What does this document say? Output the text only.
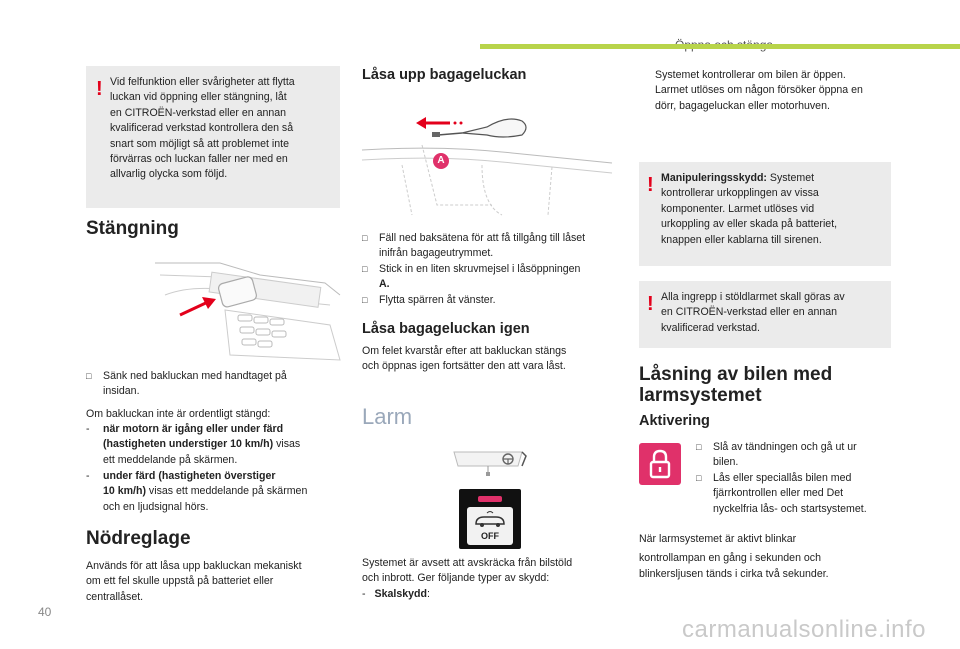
! Vid felfunktion eller svårigheter att flytta
luckan vid öppning eller stängning, låt
en CITROËN-verkstad eller en annan
kvalificerad verkstad kontrollera den så
snart som möjligt så att problemet inte
förvärras och luckan faller ner med en
allvarlig olycka som följd.
Stängning
□ Sänk ned bakluckan med handtaget på
insidan.
Om bakluckan inte är ordentligt stängd:
- när motorn är igång eller under färd
(hastigheten understiger 10 km/h) visas
ett meddelande på skärmen.
- under färd (hastigheten överstiger
10 km/h) visas ett meddelande på skärmen
och en ljudsignal hörs.
Nödreglage
Används för att låsa upp bakluckan mekaniskt
om ett fel skulle uppstå på batteriet eller
centrallåset.
Låsa upp bagageluckan
A
□ Fäll ned baksätena för att få tillgång till låset
inifrån bagageutrymmet.
□ Stick in en liten skruvmejsel i låsöppningen
A.
□ Flytta spärren åt vänster.
Låsa bagageluckan igen
Om felet kvarstår efter att bakluckan stängs
och öppnas igen fortsätter den att vara låst.
Larm
OFF
Systemet är avsett att avskräcka från bilstöld
och inbrott. Ger följande typer av skydd:
- Skalskydd:
Systemet kontrollerar om bilen är öppen.
Larmet utlöses om någon försöker öppna en
dörr, bagageluckan eller motorhuven.
! Manipuleringsskydd: Systemet
kontrollerar urkopplingen av vissa
komponenter. Larmet utlöses vid
urkoppling av eller skada på batteriet,
knappen eller kablarna till sirenen.
! Alla ingrepp i stöldlarmet skall göras av
en CITROËN-verkstad eller en annan
kvalificerad verkstad.
Låsning av bilen med
larmsystemet
Aktivering
□ Slå av tändningen och gå ut ur
bilen.
□ Lås eller speciallås bilen med
fjärrkontrollen eller med Det
nyckelfria lås- och startsystemet.
När larmsystemet är aktivt blinkar
kontrollampan en gång i sekunden och
blinkersljusen tänds i cirka två sekunder.
40
carmanualsonline.info
